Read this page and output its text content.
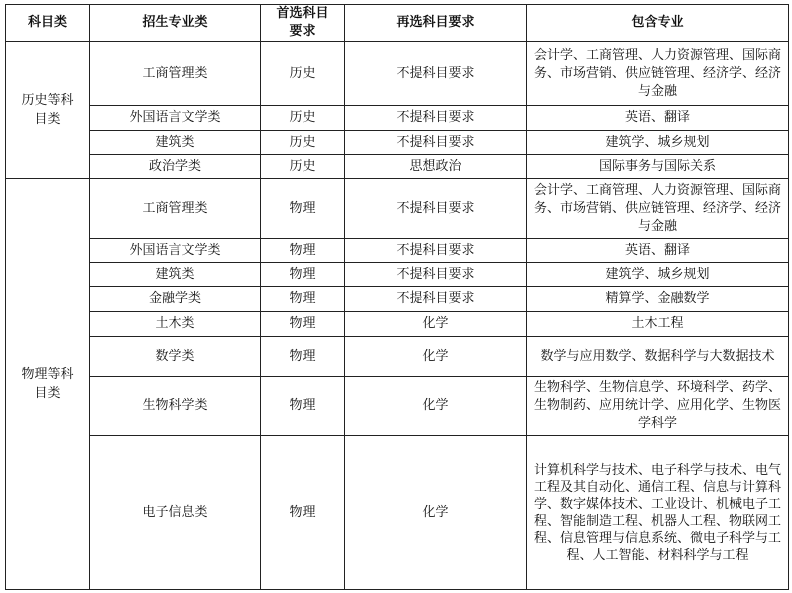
科目类	招生专业类	首选科目要求	再选科目要求	包含专业
历史等科目类	工商管理类	历史	不提科目要求	会计学、工商管理、人力资源管理、国际商务、市场营销、供应链管理、经济学、经济与金融
	外国语言文学类	历史	不提科目要求	英语、翻译
	建筑类	历史	不提科目要求	建筑学、城乡规划
	政治学类	历史	思想政治	国际事务与国际关系
物理等科目类	工商管理类	物理	不提科目要求	会计学、工商管理、人力资源管理、国际商务、市场营销、供应链管理、经济学、经济与金融
	外国语言文学类	物理	不提科目要求	英语、翻译
	建筑类	物理	不提科目要求	建筑学、城乡规划
	金融学类	物理	不提科目要求	精算学、金融数学
	土木类	物理	化学	土木工程
	数学类	物理	化学	数学与应用数学、数据科学与大数据技术
	生物科学类	物理	化学	生物科学、生物信息学、环境科学、药学、生物制药、应用统计学、应用化学、生物医学科学
	电子信息类	物理	化学	计算机科学与技术、电子科学与技术、电气工程及其自动化、通信工程、信息与计算科学、数字媒体技术、工业设计、机械电子工程、智能制造工程、机器人工程、物联网工程、信息管理与信息系统、微电子科学与工程、人工智能、材料科学与工程
